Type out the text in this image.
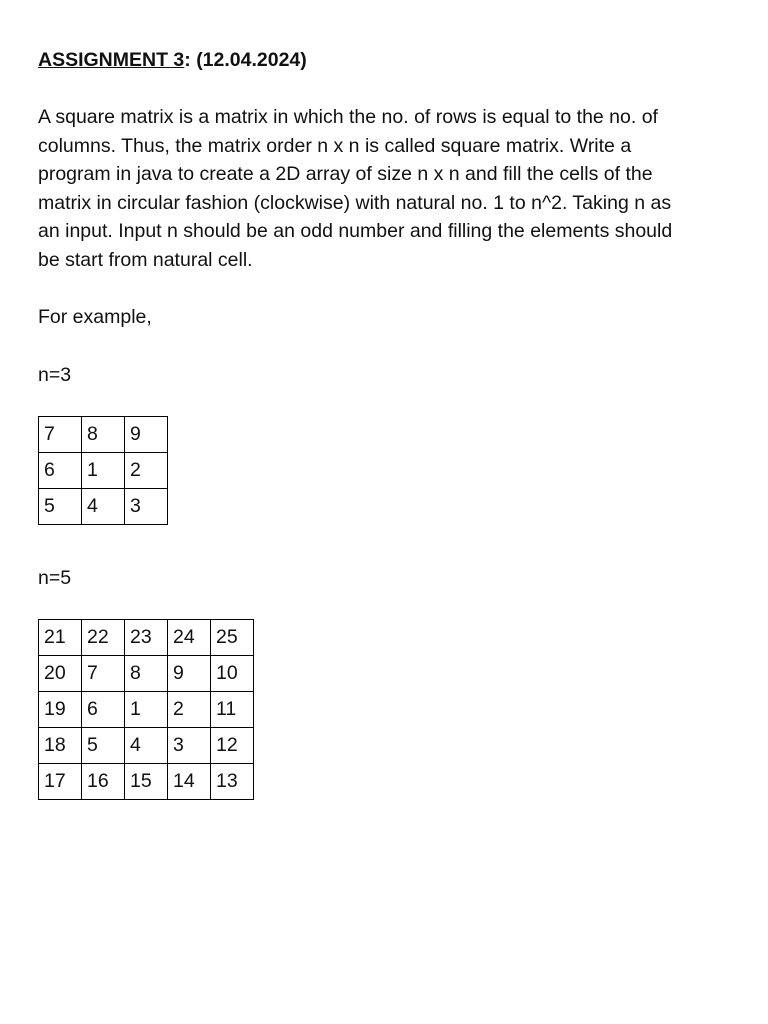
ASSIGNMENT 3: (12.04.2024)

A square matrix is a matrix in which the no. of rows is equal to the no. of
columns. Thus, the matrix order n x n is called square matrix. Write a
program in java to create a 2D array of size n x n and fill the cells of the
matrix in circular fashion (clockwise) with natural no. 1 to n^2. Taking n as
an input. Input n should be an odd number and filling the elements should
be start from natural cell.
For example,
n=3
7	8	9
6	1	2
5	4	3
n=5
21	22	23	24	25
20	7	8	9	10
19	6	1	2	11
18	5	4	3	12
17	16	15	14	13
